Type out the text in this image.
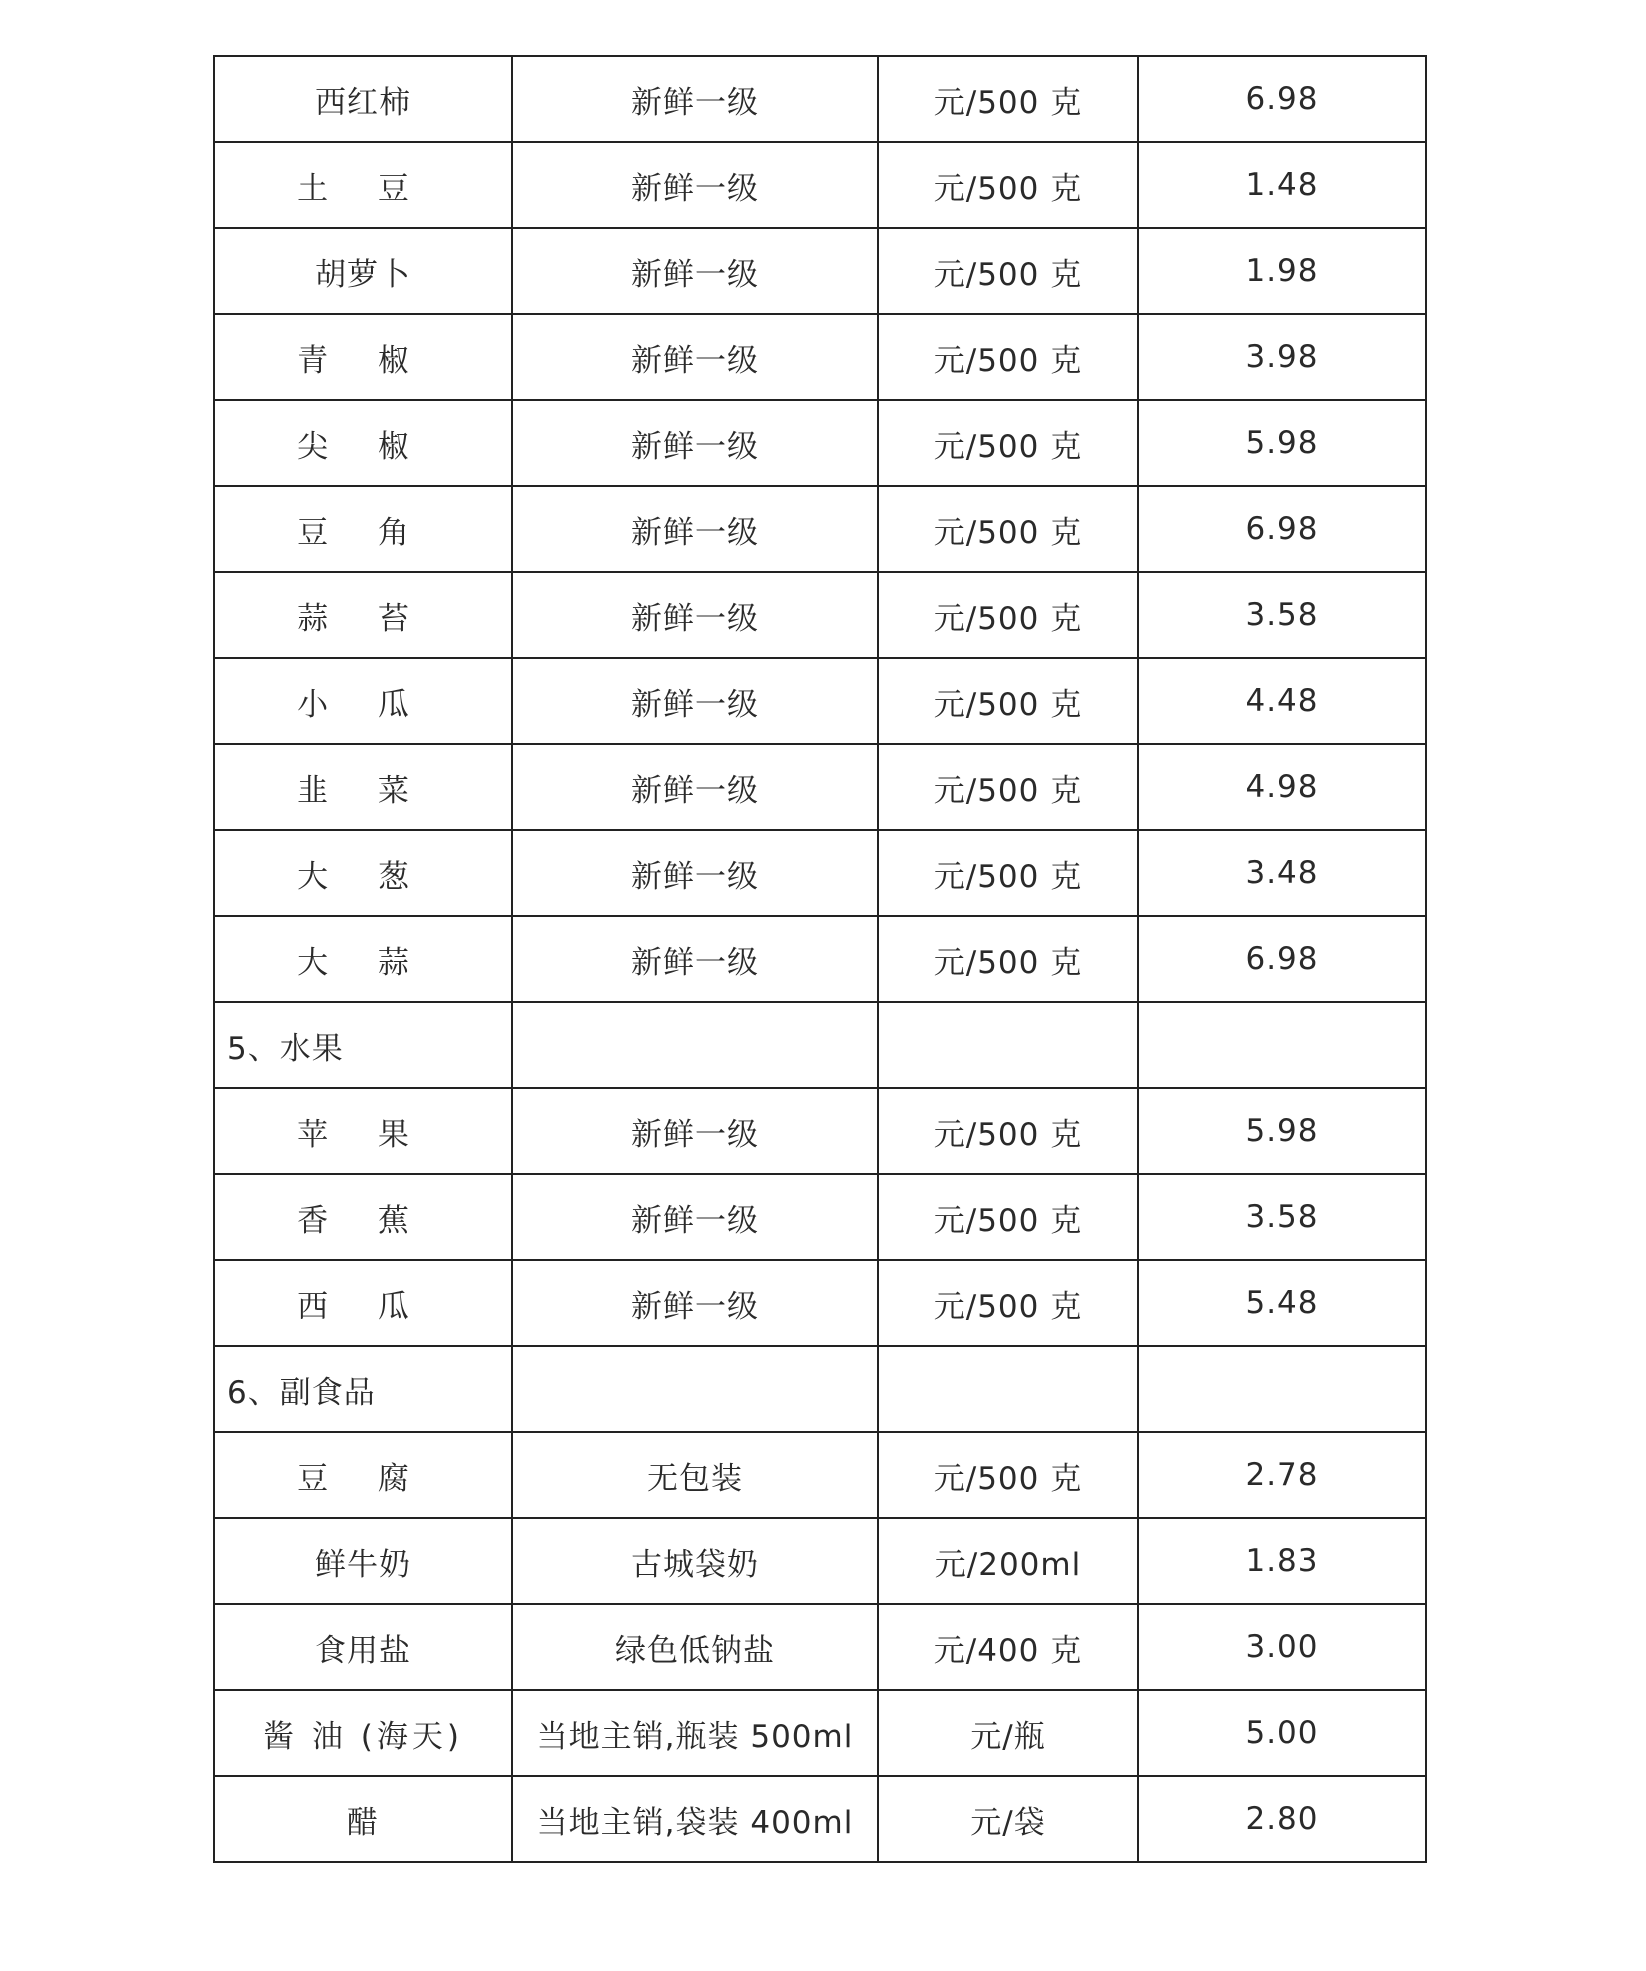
西红柿	新鲜一级	元/500 克	6.98
土 豆	新鲜一级	元/500 克	1.48
胡萝卜	新鲜一级	元/500 克	1.98
青 椒	新鲜一级	元/500 克	3.98
尖 椒	新鲜一级	元/500 克	5.98
豆 角	新鲜一级	元/500 克	6.98
蒜 苔	新鲜一级	元/500 克	3.58
小 瓜	新鲜一级	元/500 克	4.48
韭 菜	新鲜一级	元/500 克	4.98
大 葱	新鲜一级	元/500 克	3.48
大 蒜	新鲜一级	元/500 克	6.98
5、水果			
苹 果	新鲜一级	元/500 克	5.98
香 蕉	新鲜一级	元/500 克	3.58
西 瓜	新鲜一级	元/500 克	5.48
6、副食品			
豆 腐	无包装	元/500 克	2.78
鲜牛奶	古城袋奶	元/200ml	1.83
食用盐	绿色低钠盐	元/400 克	3.00
酱 油 (海天)	当地主销,瓶装 500ml	元/瓶	5.00
醋	当地主销,袋装 400ml	元/袋	2.80
